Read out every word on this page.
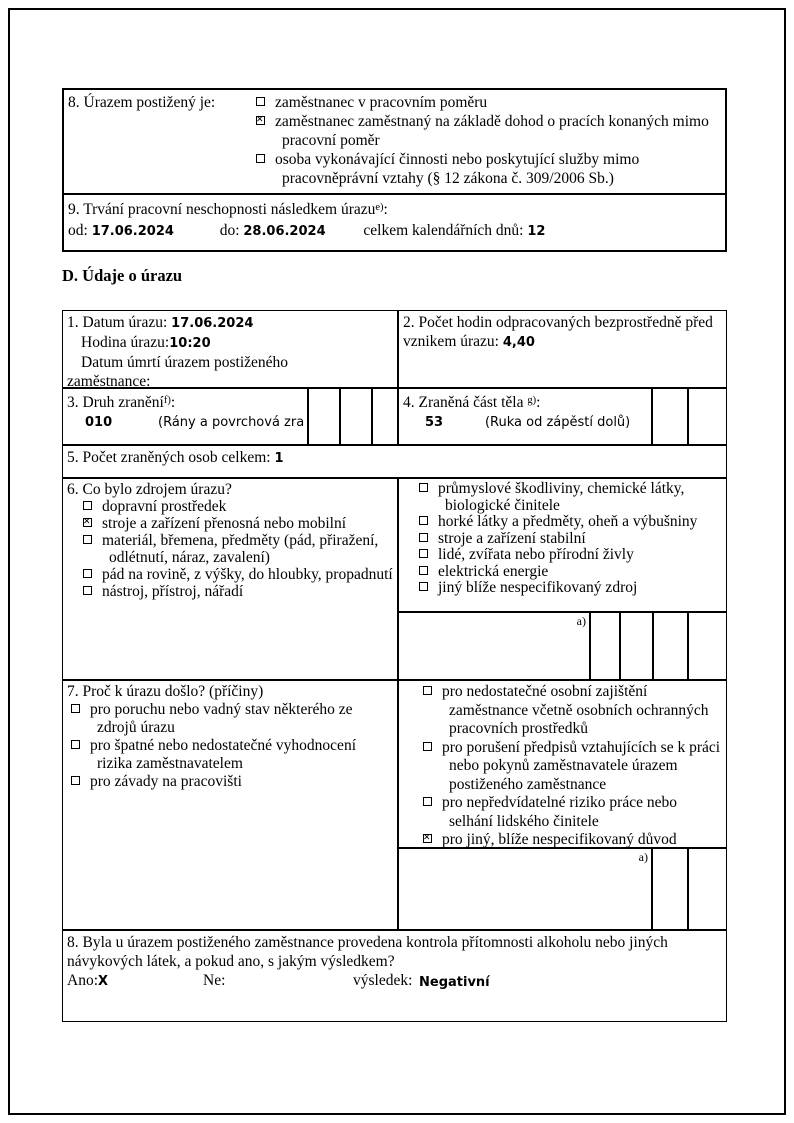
8. Úrazem postižený je:	zaměstnanec v pracovním poměru
✕zaměstnanec zaměstnaný na základě dohod o pracích konaných mimo pracovní poměr
osoba vykonávající činnosti nebo poskytující služby mimo pracovněprávní vztahy (§ 12 zákona č. 309/2006 Sb.)
9. Trvání pracovní neschopnosti následkem úrazu$^{e)}$:
od: 17.06.2024	do: 28.06.2024 celkem kalendářních dnů: 12
D. Údaje o úrazu
1. Datum úrazu: 17.06.2024
Hodina úrazu:10:20
Datum úmrtí úrazem postiženého
zaměstnance:
2. Počet hodin odpracovaných bezprostředně před vznikem úrazu: 4,40
3. Druh zranění$^{f)}$:
010	(Rány a povrchová zra
4. Zraněná část těla $^{g)}$:
53	(Ruka od zápěstí dolů)
5. Počet zraněných osob celkem: 1
6. Co bylo zdrojem úrazu?
dopravní prostředek
✕stroje a zařízení přenosná nebo mobilní
materiál, břemena, předměty (pád, přiražení, odlétnutí, náraz, zavalení)
pád na rovině, z výšky, do hloubky, propadnutí
nástroj, přístroj, nářadí
průmyslové škodliviny, chemické látky, biologické činitele
horké látky a předměty, oheň a výbušniny
stroje a zařízení stabilní
lidé, zvířata nebo přírodní živly
elektrická energie
jiný blíže nespecifikovaný zdroj
a)
7. Proč k úrazu došlo? (příčiny)
pro poruchu nebo vadný stav některého ze zdrojů úrazu
pro špatné nebo nedostatečné vyhodnocení rizika zaměstnavatelem
pro závady na pracovišti
pro nedostatečné osobní zajištění zaměstnance včetně osobních ochranných pracovních prostředků
pro porušení předpisů vztahujících se k práci nebo pokynů zaměstnavatele úrazem postiženého zaměstnance
pro nepředvídatelné riziko práce nebo selhání lidského činitele
✕pro jiný, blíže nespecifikovaný důvod
a)
8. Byla u úrazem postiženého zaměstnance provedena kontrola přítomnosti alkoholu nebo jiných návykových látek, a pokud ano, s jakým výsledkem?
Ano:X	Ne:	výsledek: Negativní
